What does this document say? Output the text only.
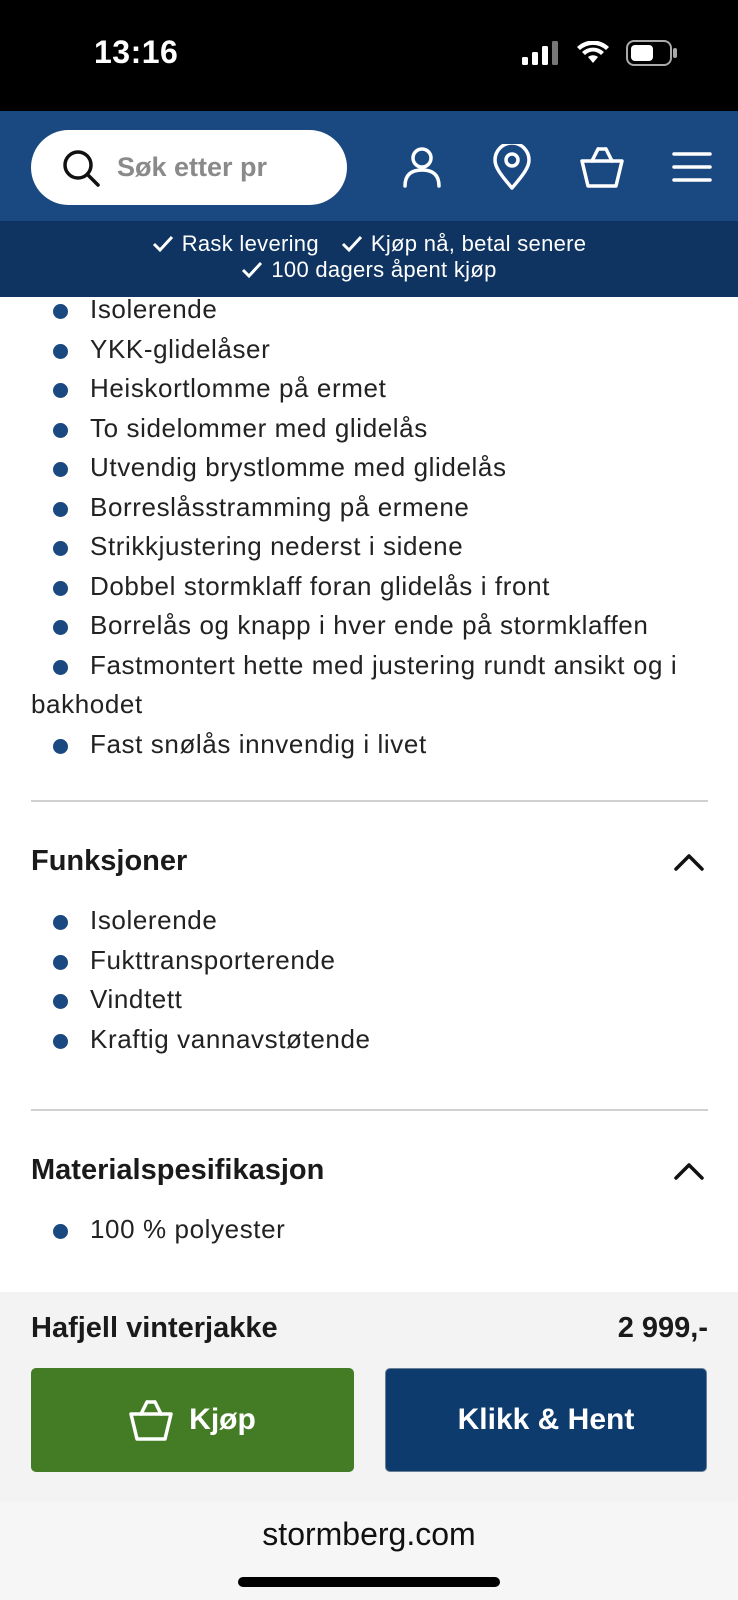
13:16
Søk etter pr
Rask levering Kjøp nå, betal senere
100 dagers åpent kjøp
Isolerende
YKK-glidelåser
Heiskortlomme på ermet
To sidelommer med glidelås
Utvendig brystlomme med glidelås
Borreslåsstramming på ermene
Strikkjustering nederst i sidene
Dobbel stormklaff foran glidelås i front
Borrelås og knapp i hver ende på stormklaffen
Fastmontert hette med justering rundt ansikt og i bakhodet
Fast snølås innvendig i livet
Funksjoner
Isolerende
Fukttransporterende
Vindtett
Kraftig vannavstøtende
Materialspesifikasjon
100 % polyester
Hafjell vinterjakke	2 999,-
Kjøp	Klikk & Hent
stormberg.com
